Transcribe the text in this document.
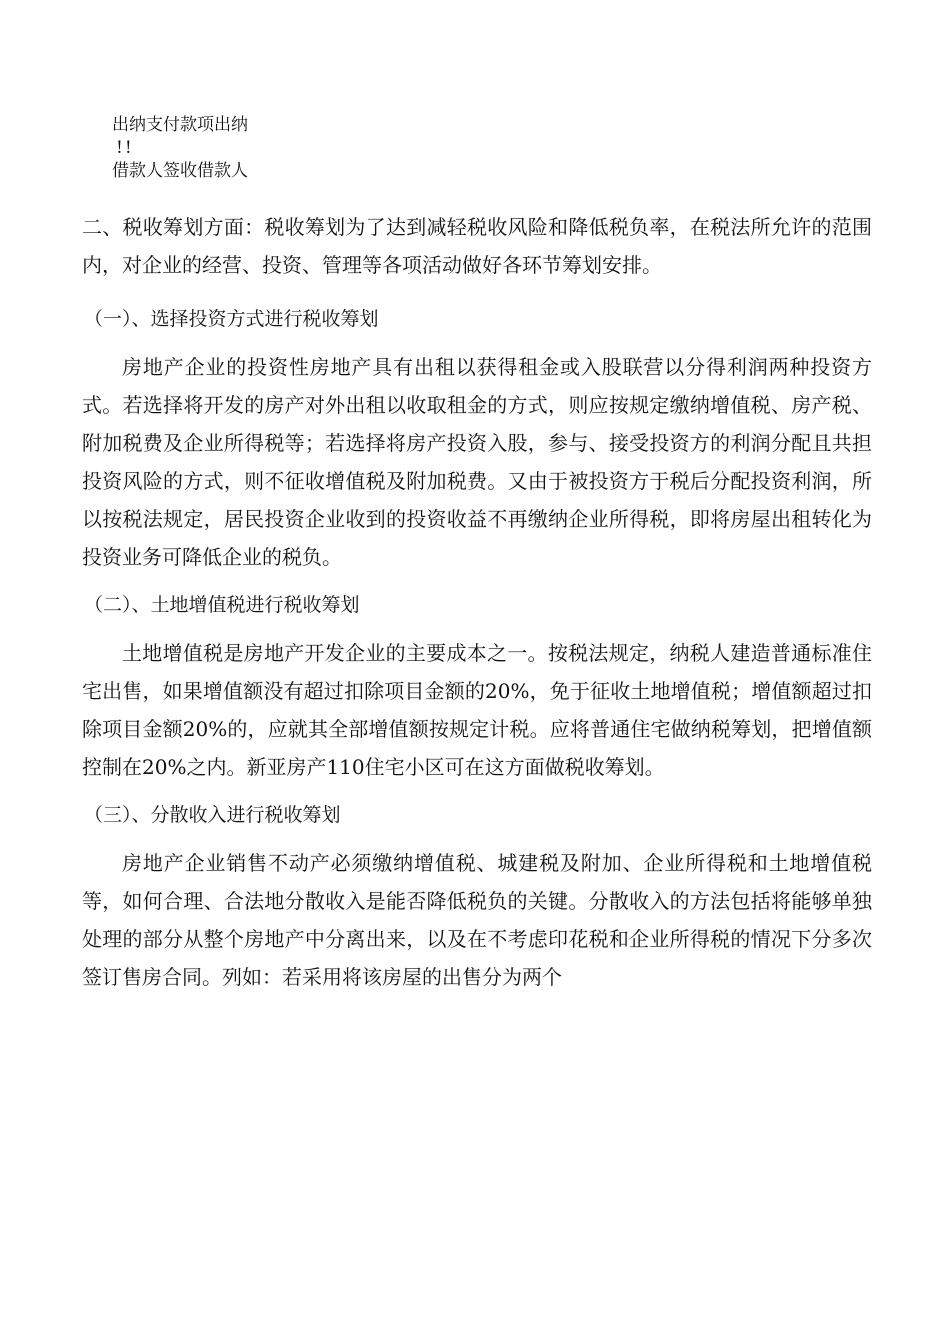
出纳支付款项出纳
!!
借款人签收借款人

二、税收筹划方面：税收筹划为了达到减轻税收风险和降低税负率，在税法所允许的范围内，对企业的经营、投资、管理等各项活动做好各环节筹划安排。

（一）、选择投资方式进行税收筹划

房地产企业的投资性房地产具有出租以获得租金或入股联营以分得利润两种投资方式。若选择将开发的房产对外出租以收取租金的方式，则应按规定缴纳增值税、房产税、附加税费及企业所得税等；若选择将房产投资入股，参与、接受投资方的利润分配且共担投资风险的方式，则不征收增值税及附加税费。又由于被投资方于税后分配投资利润，所以按税法规定，居民投资企业收到的投资收益不再缴纳企业所得税，即将房屋出租转化为投资业务可降低企业的税负。

（二）、土地增值税进行税收筹划

土地增值税是房地产开发企业的主要成本之一。按税法规定，纳税人建造普通标准住宅出售，如果增值额没有超过扣除项目金额的20%，免于征收土地增值税；增值额超过扣除项目金额20%的，应就其全部增值额按规定计税。应将普通住宅做纳税筹划，把增值额控制在20%之内。新亚房产110住宅小区可在这方面做税收筹划。

（三）、分散收入进行税收筹划

房地产企业销售不动产必须缴纳增值税、城建税及附加、企业所得税和土地增值税等，如何合理、合法地分散收入是能否降低税负的关键。分散收入的方法包括将能够单独处理的部分从整个房地产中分离出来，以及在不考虑印花税和企业所得税的情况下分多次签订售房合同。列如：若采用将该房屋的出售分为两个
